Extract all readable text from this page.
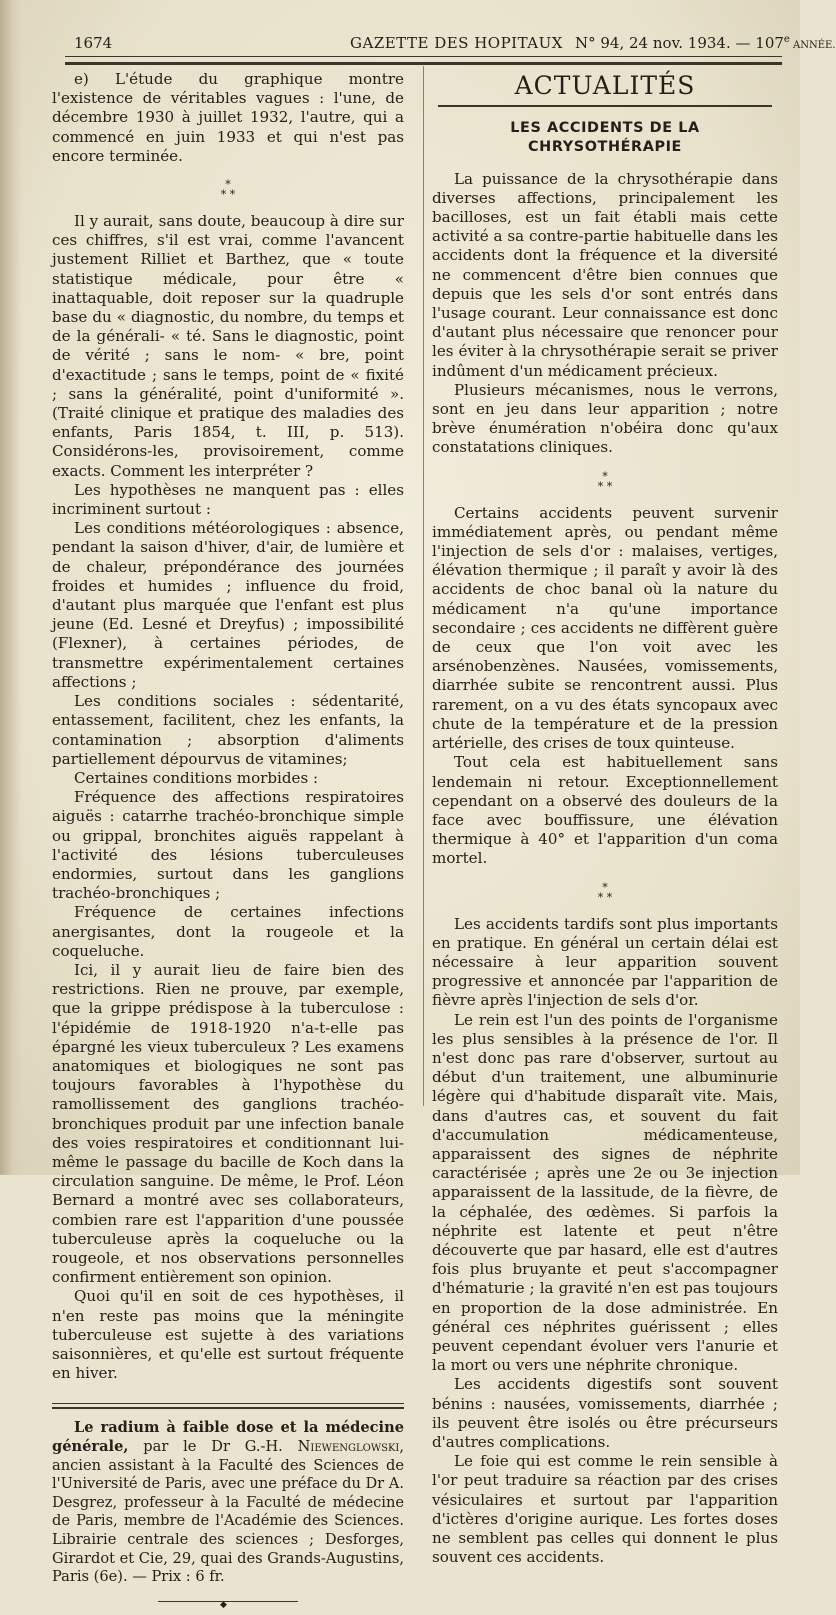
1674	GAZETTE DES HOPITAUX N° 94, 24 nov. 1934. — 107e ANNÉE.

e) L'étude du graphique montre l'existence de véritables vagues : l'une, de décembre 1930 à juillet 1932, l'autre, qui a commencé en juin 1933 et qui n'est pas encore terminée.

*
* *

Il y aurait, sans doute, beaucoup à dire sur ces chiffres, s'il est vrai, comme l'avancent justement Rilliet et Barthez, que « toute statistique médicale, pour être « inattaquable, doit reposer sur la quadruple base du « diagnostic, du nombre, du temps et de la générali- « té. Sans le diagnostic, point de vérité ; sans le nom- « bre, point d'exactitude ; sans le temps, point de « fixité ; sans la généralité, point d'uniformité ». (Traité clinique et pratique des maladies des enfants, Paris 1854, t. III, p. 513). Considérons-les, provisoirement, comme exacts. Comment les interpréter ?

Les hypothèses ne manquent pas : elles incriminent surtout :

Les conditions météorologiques : absence, pendant la saison d'hiver, d'air, de lumière et de chaleur, prépondérance des journées froides et humides ; influence du froid, d'autant plus marquée que l'enfant est plus jeune (Ed. Lesné et Dreyfus) ; impossibilité (Flexner), à certaines périodes, de transmettre expérimentalement certaines affections ;

Les conditions sociales : sédentarité, entassement, facilitent, chez les enfants, la contamination ; absorption d'aliments partiellement dépourvus de vitamines;

Certaines conditions morbides :

Fréquence des affections respiratoires aiguës : catarrhe trachéo-bronchique simple ou grippal, bronchites aiguës rappelant à l'activité des lésions tuberculeuses endormies, surtout dans les ganglions trachéo-bronchiques ;

Fréquence de certaines infections anergisantes, dont la rougeole et la coqueluche.

Ici, il y aurait lieu de faire bien des restrictions. Rien ne prouve, par exemple, que la grippe prédispose à la tuberculose : l'épidémie de 1918-1920 n'a-t-elle pas épargné les vieux tuberculeux ? Les examens anatomiques et biologiques ne sont pas toujours favorables à l'hypothèse du ramollissement des ganglions trachéo-bronchiques produit par une infection banale des voies respiratoires et conditionnant lui-même le passage du bacille de Koch dans la circulation sanguine. De même, le Prof. Léon Bernard a montré avec ses collaborateurs, combien rare est l'apparition d'une poussée tuberculeuse après la coqueluche ou la rougeole, et nos observations personnelles confirment entièrement son opinion.

Quoi qu'il en soit de ces hypothèses, il n'en reste pas moins que la méningite tuberculeuse est sujette à des variations saisonnières, et qu'elle est surtout fréquente en hiver.

Le radium à faible dose et la médecine générale, par le Dr G.-H. Niewenglowski, ancien assistant à la Faculté des Sciences de l'Université de Paris, avec une préface du Dr A. Desgrez, professeur à la Faculté de médecine de Paris, membre de l'Académie des Sciences. Librairie centrale des sciences ; Desforges, Girardot et Cie, 29, quai des Grands-Augustins, Paris (6e). — Prix : 6 fr.

◆
ACTUALITÉS
LES ACCIDENTS DE LA CHRYSOTHÉRAPIE

La puissance de la chrysothérapie dans diverses affections, principalement les bacilloses, est un fait établi mais cette activité a sa contre-partie habituelle dans les accidents dont la fréquence et la diversité ne commencent d'être bien connues que depuis que les sels d'or sont entrés dans l'usage courant. Leur connaissance est donc d'autant plus nécessaire que renoncer pour les éviter à la chrysothérapie serait se priver indûment d'un médicament précieux.

Plusieurs mécanismes, nous le verrons, sont en jeu dans leur apparition ; notre brève énumération n'obéira donc qu'aux constatations cliniques.

*
* *

Certains accidents peuvent survenir immédiatement après, ou pendant même l'injection de sels d'or : malaises, vertiges, élévation thermique ; il paraît y avoir là des accidents de choc banal où la nature du médicament n'a qu'une importance secondaire ; ces accidents ne diffèrent guère de ceux que l'on voit avec les arsénobenzènes. Nausées, vomissements, diarrhée subite se rencontrent aussi. Plus rarement, on a vu des états syncopaux avec chute de la température et de la pression artérielle, des crises de toux quinteuse.

Tout cela est habituellement sans lendemain ni retour. Exceptionnellement cependant on a observé des douleurs de la face avec bouffissure, une élévation thermique à 40° et l'apparition d'un coma mortel.

*
* *

Les accidents tardifs sont plus importants en pratique. En général un certain délai est nécessaire à leur apparition souvent progressive et annoncée par l'apparition de fièvre après l'injection de sels d'or.

Le rein est l'un des points de l'organisme les plus sensibles à la présence de l'or. Il n'est donc pas rare d'observer, surtout au début d'un traitement, une albuminurie légère qui d'habitude disparaît vite. Mais, dans d'autres cas, et souvent du fait d'accumulation médicamenteuse, apparaissent des signes de néphrite caractérisée ; après une 2e ou 3e injection apparaissent de la lassitude, de la fièvre, de la céphalée, des œdèmes. Si parfois la néphrite est latente et peut n'être découverte que par hasard, elle est d'autres fois plus bruyante et peut s'accompagner d'hématurie ; la gravité n'en est pas toujours en proportion de la dose administrée. En général ces néphrites guérissent ; elles peuvent cependant évoluer vers l'anurie et la mort ou vers une néphrite chronique.

Les accidents digestifs sont souvent bénins : nausées, vomissements, diarrhée ; ils peuvent être isolés ou être précurseurs d'autres complications.

Le foie qui est comme le rein sensible à l'or peut traduire sa réaction par des crises vésiculaires et surtout par l'apparition d'ictères d'origine aurique. Les fortes doses ne semblent pas celles qui donnent le plus souvent ces accidents.
